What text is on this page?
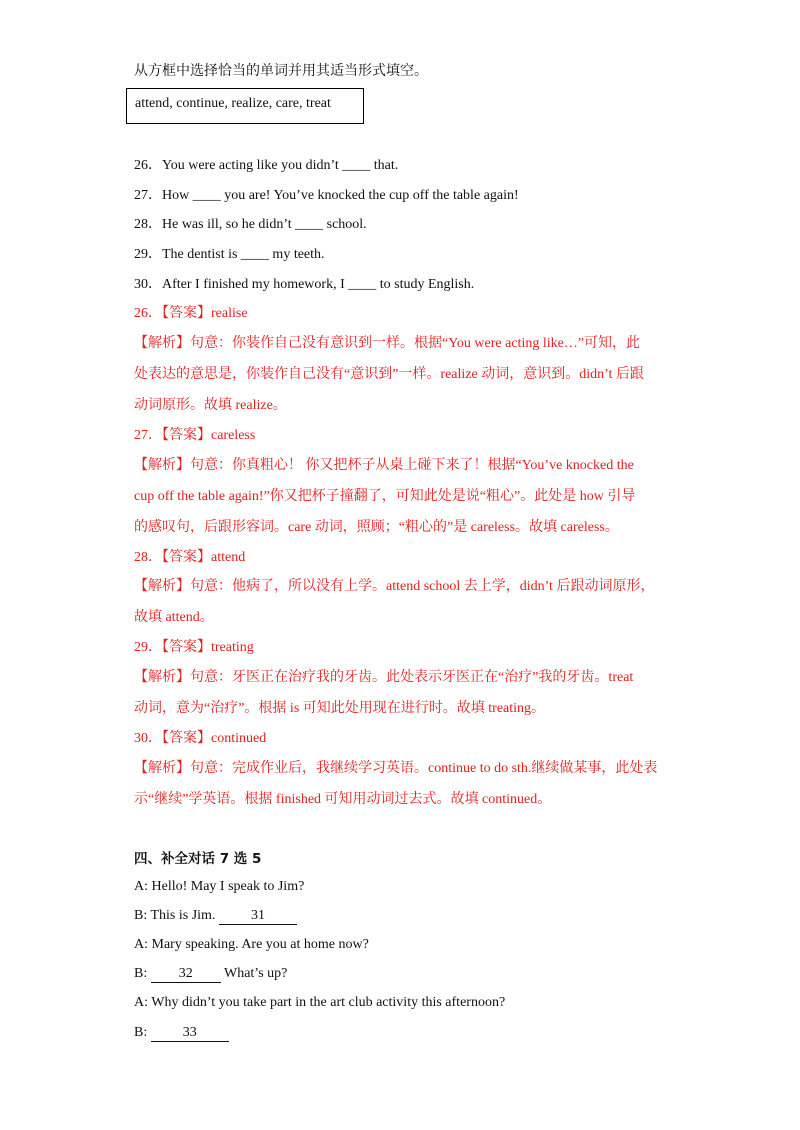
从方框中选择恰当的单词并用其适当形式填空。
attend, continue, realize, care, treat
26．You were acting like you didn’t ____ that.
27．How ____ you are! You’ve knocked the cup off the table again!
28．He was ill, so he didn’t ____ school.
29．The dentist is ____ my teeth.
30．After I finished my homework, I ____ to study English.
26．【答案】realise
【解析】句意：你装作自己没有意识到一样。根据“You were acting like…”可知，此
处表达的意思是，你装作自己没有“意识到”一样。realize 动词，意识到。didn’t 后跟
动词原形。故填 realize。
27．【答案】careless
【解析】句意：你真粗心！ 你又把杯子从桌上碰下来了！根据“You’ve knocked the
cup off the table again!”你又把杯子撞翻了，可知此处是说“粗心”。此处是 how 引导
的感叹句，后跟形容词。care 动词，照顾；“粗心的”是 careless。故填 careless。
28．【答案】attend
【解析】句意：他病了，所以没有上学。attend school 去上学，didn’t 后跟动词原形，
故填 attend。
29．【答案】treating
【解析】句意：牙医正在治疗我的牙齿。此处表示牙医正在“治疗”我的牙齿。treat
动词，意为“治疗”。根据 is 可知此处用现在进行时。故填 treating。
30．【答案】continued
【解析】句意：完成作业后，我继续学习英语。continue to do sth.继续做某事，此处表
示“继续”学英语。根据 finished 可知用动词过去式。故填 continued。
四、补全对话 7 选 5
A: Hello! May I speak to Jim?
B: This is Jim. 31
A: Mary speaking. Are you at home now?
B: 32 What’s up?
A: Why didn’t you take part in the art club activity this afternoon?
B: 33
